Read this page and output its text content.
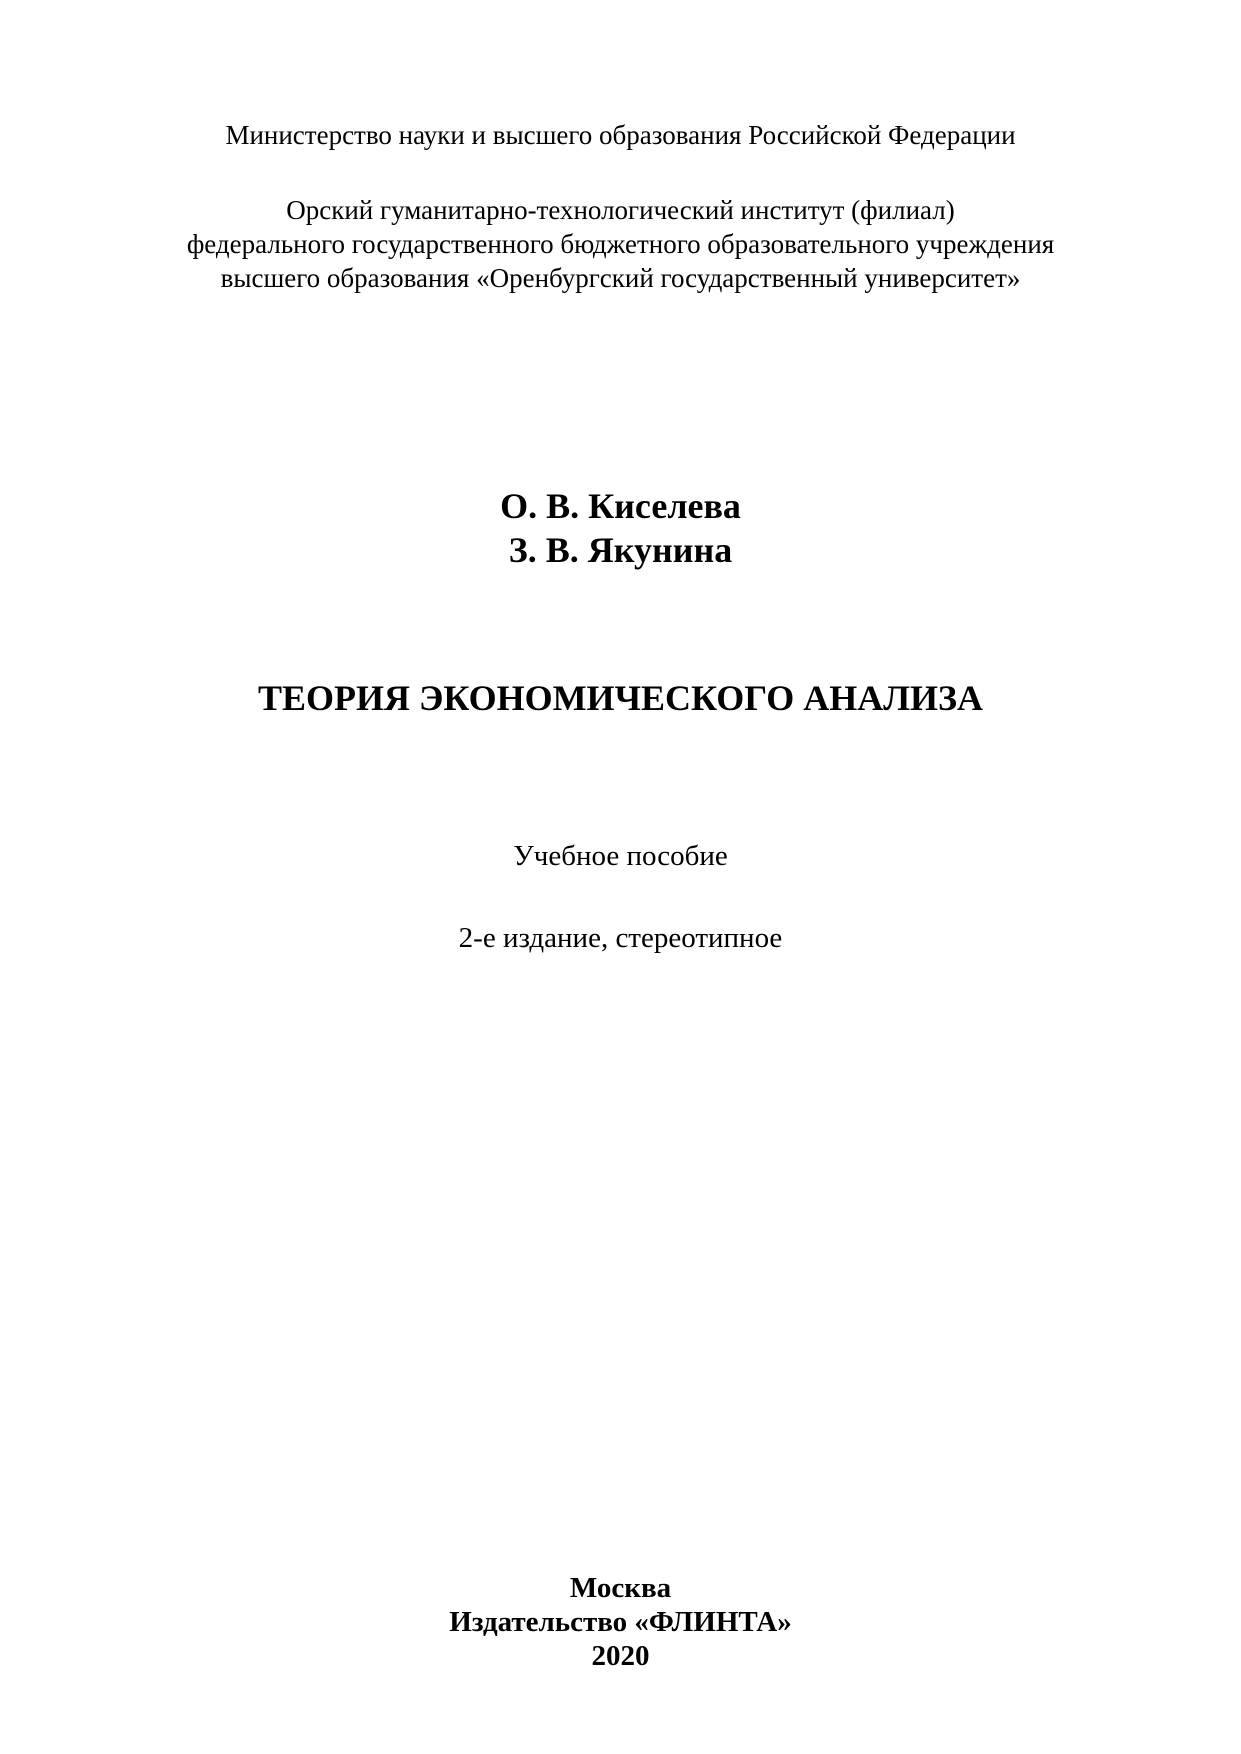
Министерство науки и высшего образования Российской Федерации
Орский гуманитарно-технологический институт (филиал)
федерального государственного бюджетного образовательного учреждения
высшего образования «Оренбургский государственный университет»
О. В. Киселева
З. В. Якунина
ТЕОРИЯ ЭКОНОМИЧЕСКОГО АНАЛИЗА
Учебное пособие
2-е издание, стереотипное
Москва
Издательство «ФЛИНТА»
2020
